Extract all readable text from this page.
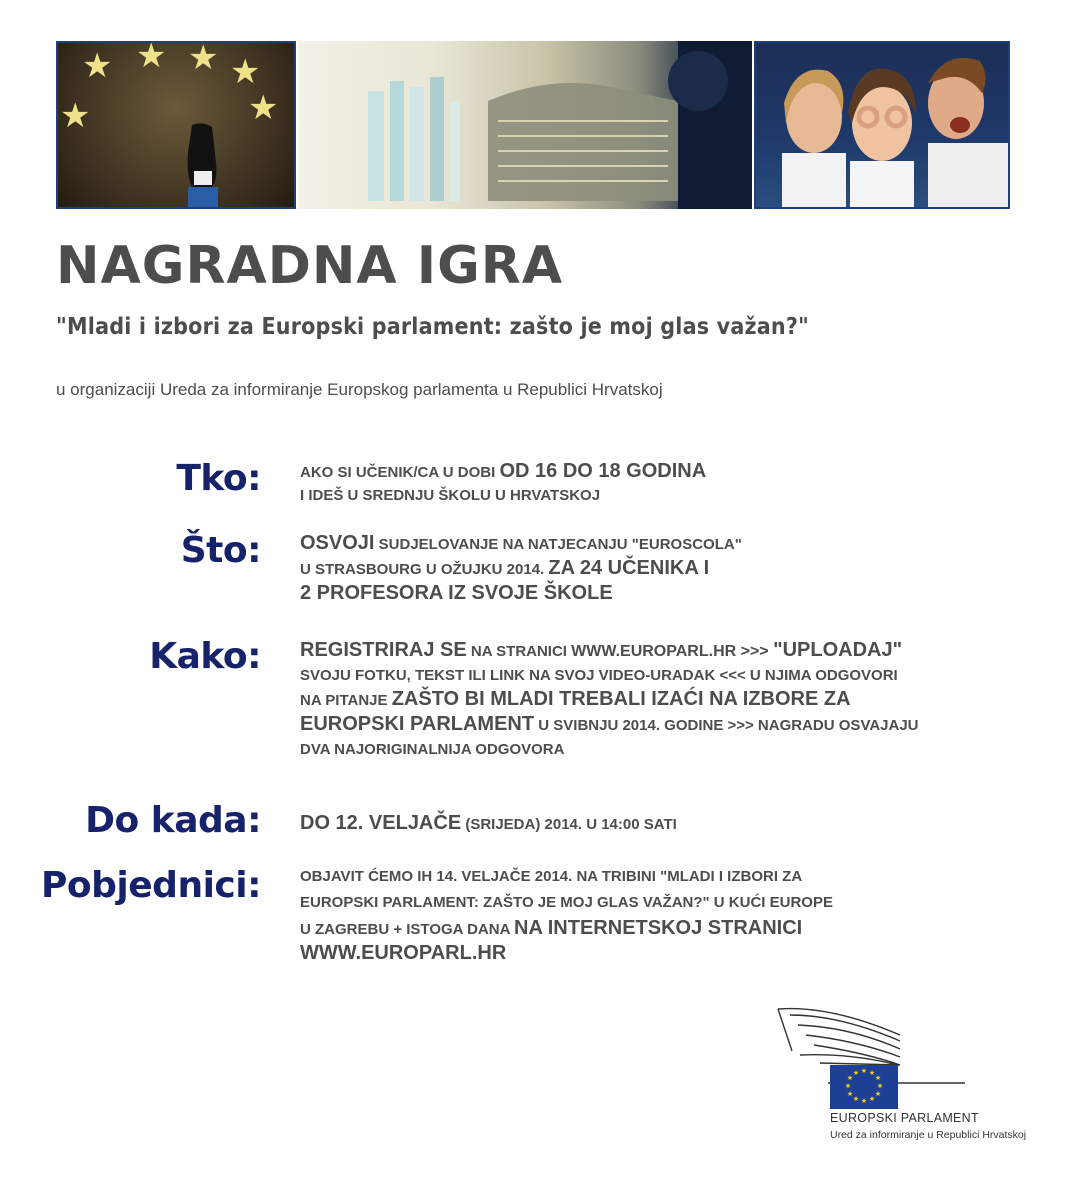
★ ★ ★ ★
★
★
NAGRADNA IGRA
"Mladi i izbori za Europski parlament: zašto je moj glas važan?"
u organizaciji Ureda za informiranje Europskog parlamenta u Republici Hrvatskoj
Tko:	AKO SI UČENIK/CA U DOBI OD 16 DO 18 GODINA
I IDEŠ U SREDNJU ŠKOLU U HRVATSKOJ
Što: OSVOJI SUDJELOVANJE NA NATJECANJU "EUROSCOLA"
U STRASBOURG U OŽUJKU 2014. ZA 24 UČENIKA I
2 PROFESORA IZ SVOJE ŠKOLE
Kako: REGISTRIRAJ SE NA STRANICI WWW.EUROPARL.HR >>> "UPLOADAJ"
SVOJU FOTKU, TEKST ILI LINK NA SVOJ VIDEO-URADAK <<< U NJIMA ODGOVORI
NA PITANJE ZAŠTO BI MLADI TREBALI IZAĆI NA IZBORE ZA
EUROPSKI PARLAMENT U SVIBNJU 2014. GODINE >>> NAGRADU OSVAJAJU
DVA NAJORIGINALNIJA ODGOVORA
Do kada: DO 12. VELJAČE (SRIJEDA) 2014. U 14:00 SATI
Pobjednici:	OBJAVIT ĆEMO IH 14. VELJAČE 2014. NA TRIBINI "MLADI I IZBORI ZA
EUROPSKI PARLAMENT: ZAŠTO JE MOJ GLAS VAŽAN?" U KUĆI EUROPE
U ZAGREBU + ISTOGA DANA NA INTERNETSKOJ STRANICI
WWW.EUROPARL.HR
★ ★
★
★
★
★
★
★
★
★
★
★
EUROPSKI PARLAMENT
Ured za informiranje u Republici Hrvatskoj
